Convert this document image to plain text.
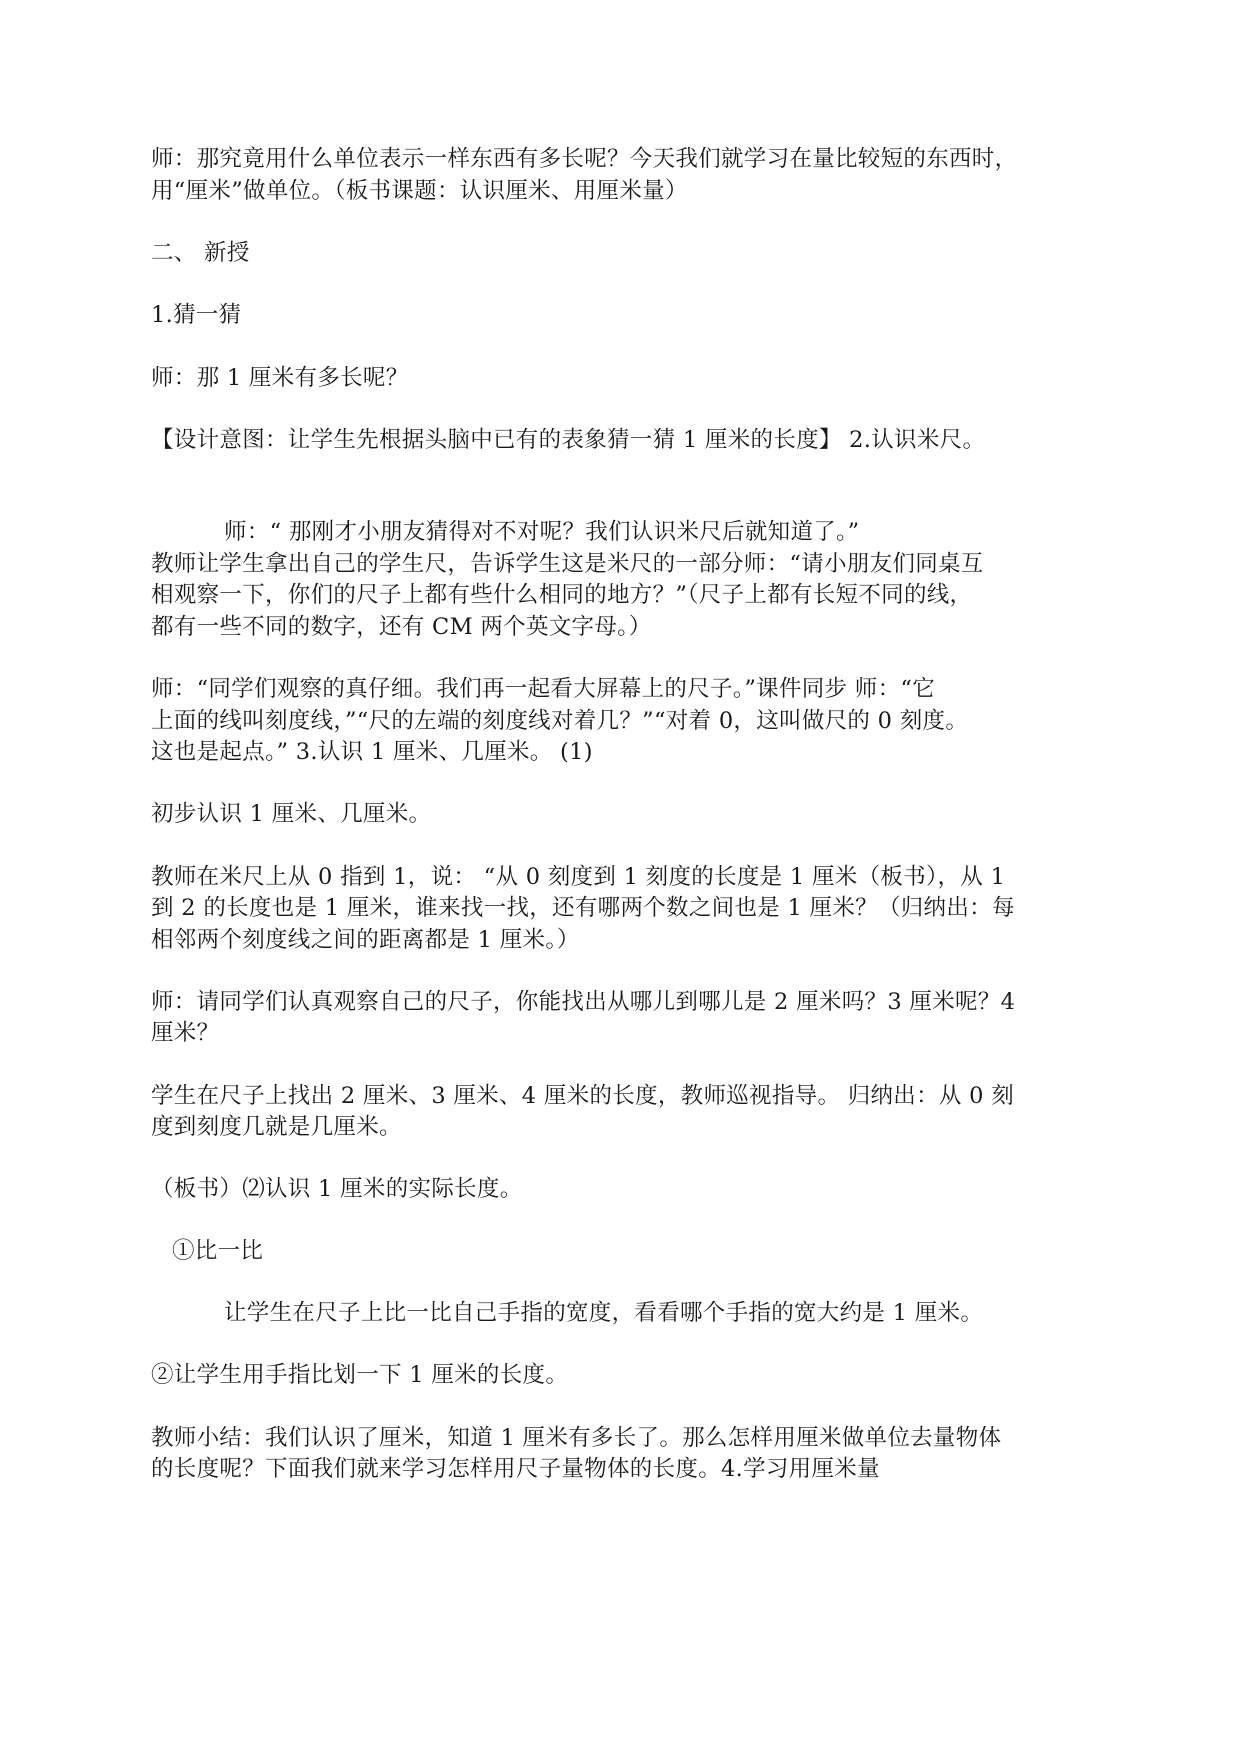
师：那究竟用什么单位表示一样东西有多长呢？今天我们就学习在量比较短的东西时，
用“厘米”做单位。（板书课题：认识厘米、用厘米量）
二、 新授
1.猜一猜
师：那 1 厘米有多长呢？
【设计意图：让学生先根据头脑中已有的表象猜一猜 1 厘米的长度】 2.认识米尺。
师：“ 那刚才小朋友猜得对不对呢？我们认识米尺后就知道了。”
教师让学生拿出自己的学生尺，告诉学生这是米尺的一部分师：“请小朋友们同桌互
相观察一下，你们的尺子上都有些什么相同的地方？”（尺子上都有长短不同的线，
都有一些不同的数字，还有 CM 两个英文字母。）
师：“同学们观察的真仔细。我们再一起看大屏幕上的尺子。”课件同步 师：“它
上面的线叫刻度线，”“尺的左端的刻度线对着几？”“对着 0，这叫做尺的 0 刻度。
这也是起点。” 3.认识 1 厘米、几厘米。 (1)
初步认识 1 厘米、几厘米。
教师在米尺上从 0 指到 1，说： “从 0 刻度到 1 刻度的长度是 1 厘米（板书），从 1
到 2 的长度也是 1 厘米，谁来找一找，还有哪两个数之间也是 1 厘米？（归纳出：每
相邻两个刻度线之间的距离都是 1 厘米。）
师：请同学们认真观察自己的尺子，你能找出从哪儿到哪儿是 2 厘米吗？3 厘米呢？4
厘米？
学生在尺子上找出 2 厘米、3 厘米、4 厘米的长度，教师巡视指导。 归纳出：从 0 刻
度到刻度几就是几厘米。
（板书）⑵认识 1 厘米的实际长度。
①比一比
让学生在尺子上比一比自己手指的宽度，看看哪个手指的宽大约是 1 厘米。
②让学生用手指比划一下 1 厘米的长度。
教师小结：我们认识了厘米，知道 1 厘米有多长了。那么怎样用厘米做单位去量物体
的长度呢？下面我们就来学习怎样用尺子量物体的长度。4.学习用厘米量
